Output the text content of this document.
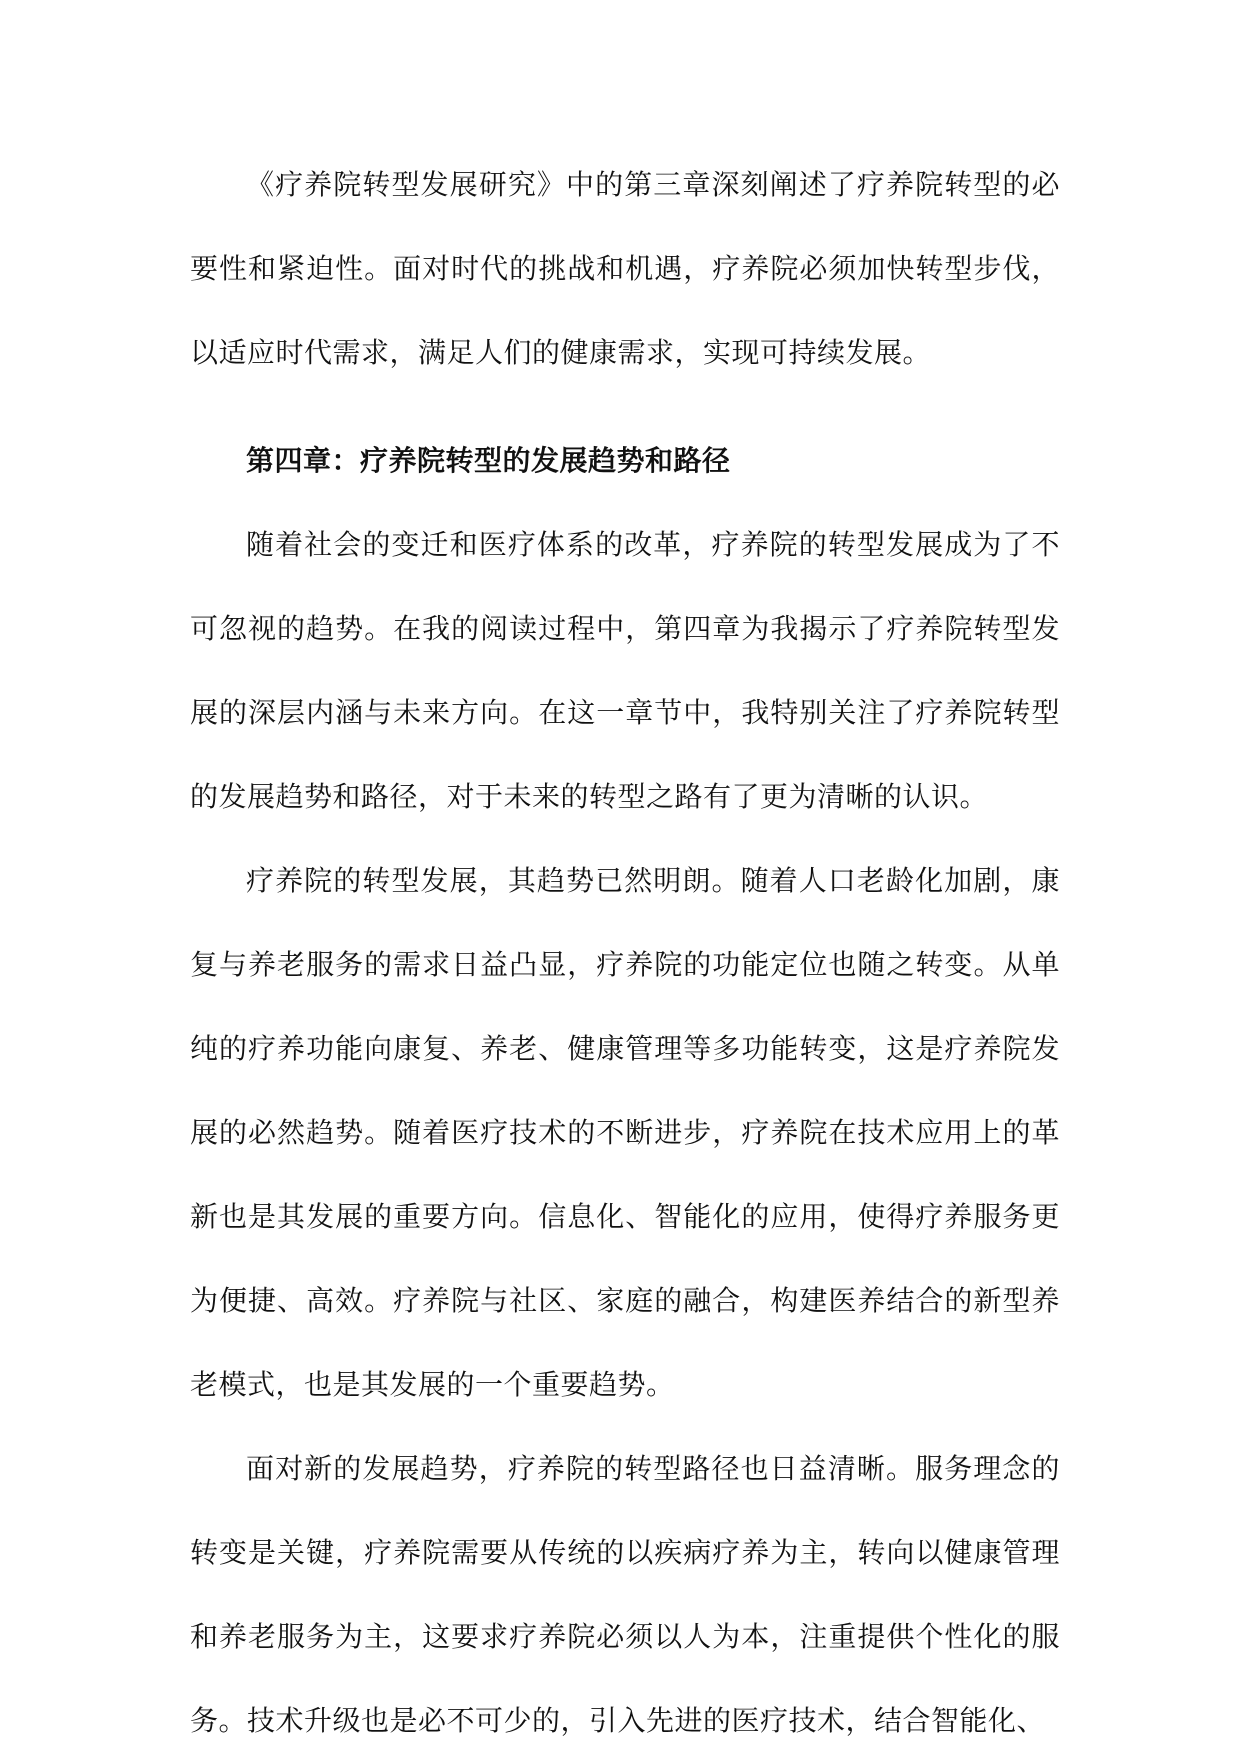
《疗养院转型发展研究》中的第三章深刻阐述了疗养院转型的必要性和紧迫性。面对时代的挑战和机遇，疗养院必须加快转型步伐，以适应时代需求，满足人们的健康需求，实现可持续发展。

第四章：疗养院转型的发展趋势和路径

随着社会的变迁和医疗体系的改革，疗养院的转型发展成为了不可忽视的趋势。在我的阅读过程中，第四章为我揭示了疗养院转型发展的深层内涵与未来方向。在这一章节中，我特别关注了疗养院转型的发展趋势和路径，对于未来的转型之路有了更为清晰的认识。

疗养院的转型发展，其趋势已然明朗。随着人口老龄化加剧，康复与养老服务的需求日益凸显，疗养院的功能定位也随之转变。从单纯的疗养功能向康复、养老、健康管理等多功能转变，这是疗养院发展的必然趋势。随着医疗技术的不断进步，疗养院在技术应用上的革新也是其发展的重要方向。信息化、智能化的应用，使得疗养服务更为便捷、高效。疗养院与社区、家庭的融合，构建医养结合的新型养老模式，也是其发展的一个重要趋势。

面对新的发展趋势，疗养院的转型路径也日益清晰。服务理念的转变是关键，疗养院需要从传统的以疾病疗养为主，转向以健康管理和养老服务为主，这要求疗养院必须以人为本，注重提供个性化的服务。技术升级也是必不可少的，引入先进的医疗技术，结合智能化、
